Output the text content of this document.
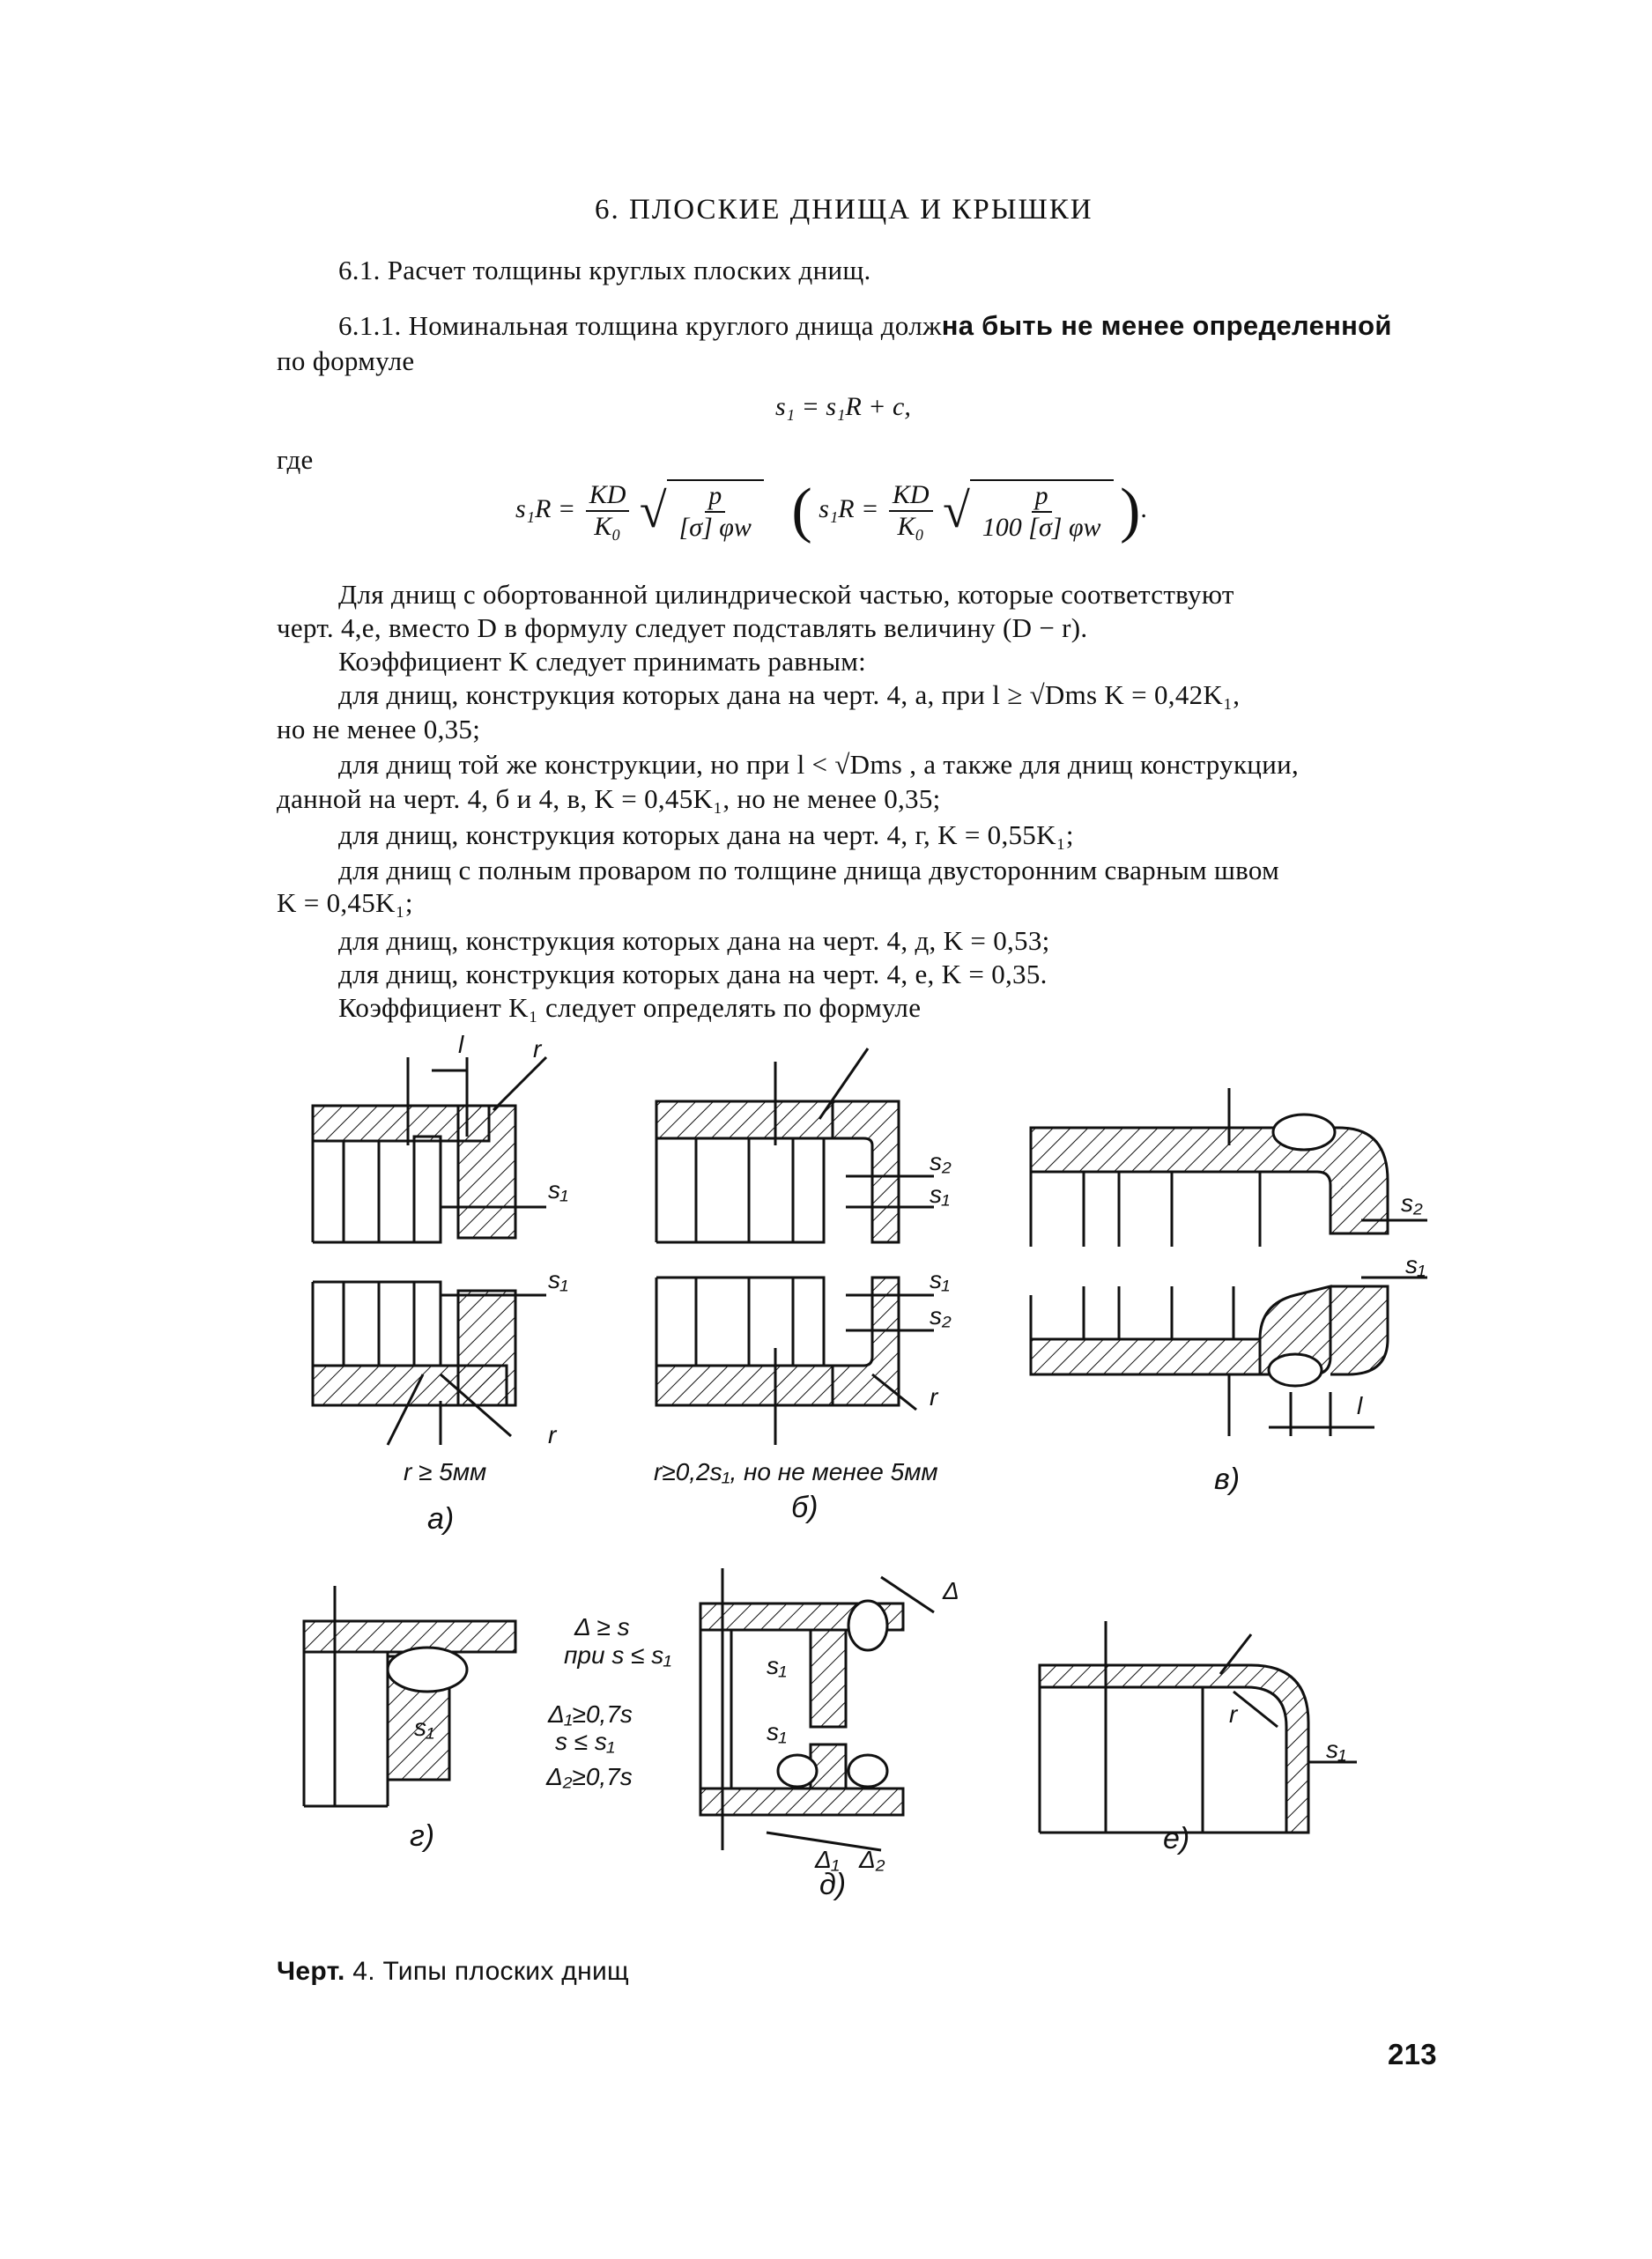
6. ПЛОСКИЕ ДНИЩА И КРЫШКИ
6.1. Расчет толщины круглых плоских днищ.
6.1.1. Номинальная толщина круглого днища должна быть не менее определенной
по формуле
s₁ = s₁R + c,
где
$s_1R = \frac{KD}{\text{K₀}}$ √ $\frac{p}{[\sigma] \varphi w}$ ( $s_1R = \frac{KD}{\text{K₀}}$ √ $\frac{p}{100 [\sigma] \varphi w}$ ).
Для днищ с обортованной цилиндрической частью, которые соответствуют
черт. 4,е, вместо D в формулу следует подставлять величину (D − r).
Коэффициент K следует принимать равным:
для днищ, конструкция которых дана на черт. 4, а, при l ≥ √Dms K = 0,42K₁,
но не менее 0,35;
для днищ той же конструкции, но при l < √Dms , а также для днищ конструкции,
данной на черт. 4, б и 4, в, K = 0,45K₁, но не менее 0,35;
для днищ, конструкция которых дана на черт. 4, г, K = 0,55K₁;
для днищ с полным проваром по толщине днища двусторонним сварным швом
K = 0,45K₁;
для днищ, конструкция которых дана на черт. 4, д, K = 0,53;
для днищ, конструкция которых дана на черт. 4, е, K = 0,35.
Коэффициент K₁ следует определять по формуле
r ≥ 5мм
а)
r≥0,2s₁, но не менее 5мм
б)
в)
г)
Δ ≥ s
при s ≤ s₁
Δ₁≥0,7s
s ≤ s₁
Δ₂≥0,7s
д)
е)
l	r
s₁
s₁
r
s₂
s₁
s₁
s₂
r
s₂
s₁
l
s₁
s₁
s₁
Δ
Δ₁ Δ₂
r
s₁
Черт. 4. Типы плоских днищ
213
